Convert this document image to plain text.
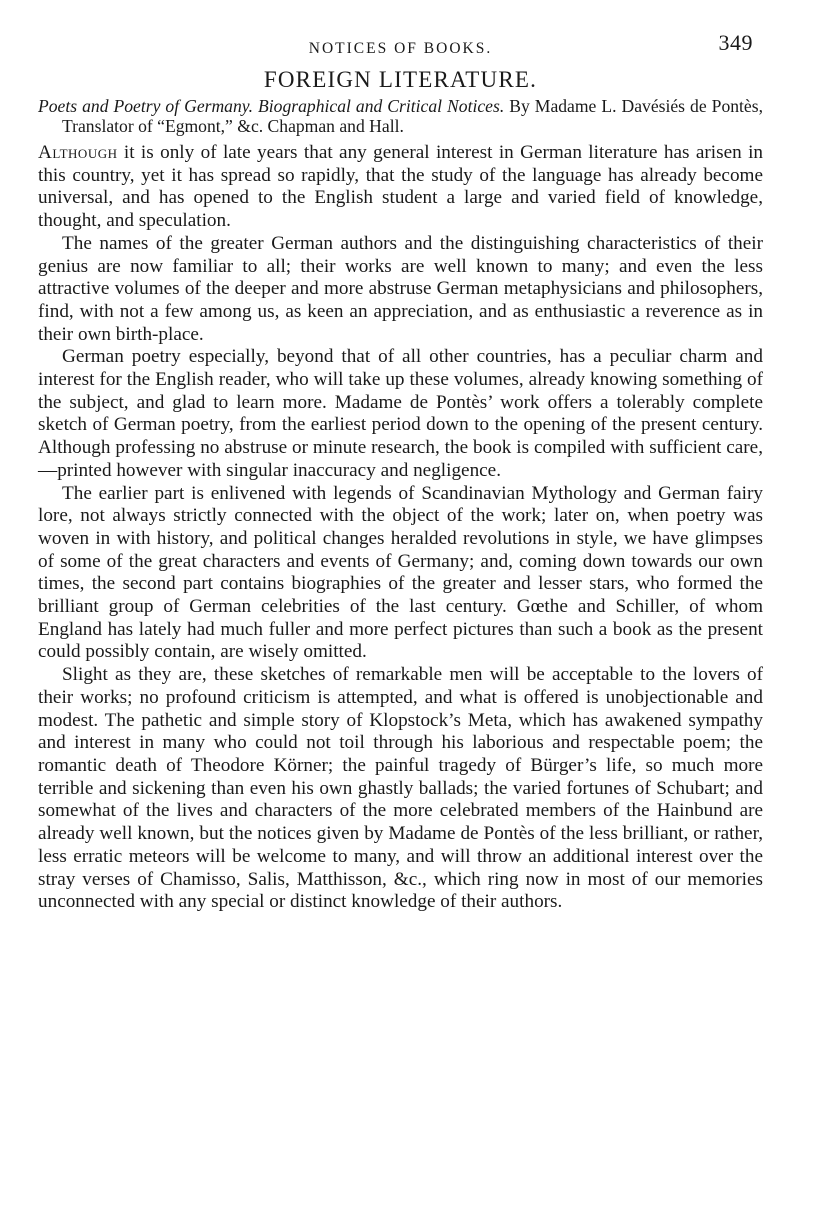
NOTICES OF BOOKS.	349
FOREIGN LITERATURE.

Poets and Poetry of Germany. Biographical and Critical Notices. By Madame L. Davésiés de Pontès, Translator of “Egmont,” &c. Chapman and Hall.

Although it is only of late years that any general interest in German literature has arisen in this country, yet it has spread so rapidly, that the study of the language has already become universal, and has opened to the English student a large and varied field of knowledge, thought, and speculation.

The names of the greater German authors and the distinguishing characteristics of their genius are now familiar to all; their works are well known to many; and even the less attractive volumes of the deeper and more abstruse German metaphysicians and philosophers, find, with not a few among us, as keen an appreciation, and as enthusiastic a reverence as in their own birth-place.

German poetry especially, beyond that of all other countries, has a peculiar charm and interest for the English reader, who will take up these volumes, already knowing something of the subject, and glad to learn more. Madame de Pontès’ work offers a tolerably complete sketch of German poetry, from the earliest period down to the opening of the present century. Although professing no abstruse or minute research, the book is compiled with sufficient care, —printed however with singular inaccuracy and negligence.

The earlier part is enlivened with legends of Scandinavian Mythology and German fairy lore, not always strictly connected with the object of the work; later on, when poetry was woven in with history, and political changes heralded revolutions in style, we have glimpses of some of the great characters and events of Germany; and, coming down towards our own times, the second part contains biographies of the greater and lesser stars, who formed the brilliant group of German celebrities of the last century. Gœthe and Schiller, of whom England has lately had much fuller and more perfect pictures than such a book as the present could possibly contain, are wisely omitted.

Slight as they are, these sketches of remarkable men will be acceptable to the lovers of their works; no profound criticism is attempted, and what is offered is unobjectionable and modest. The pathetic and simple story of Klopstock’s Meta, which has awakened sympathy and interest in many who could not toil through his laborious and respectable poem; the romantic death of Theodore Körner; the painful tragedy of Bürger’s life, so much more terrible and sickening than even his own ghastly ballads; the varied fortunes of Schubart; and somewhat of the lives and characters of the more celebrated members of the Hainbund are already well known, but the notices given by Madame de Pontès of the less brilliant, or rather, less erratic meteors will be welcome to many, and will throw an additional interest over the stray verses of Chamisso, Salis, Matthisson, &c., which ring now in most of our memories unconnected with any special or distinct knowledge of their authors.
